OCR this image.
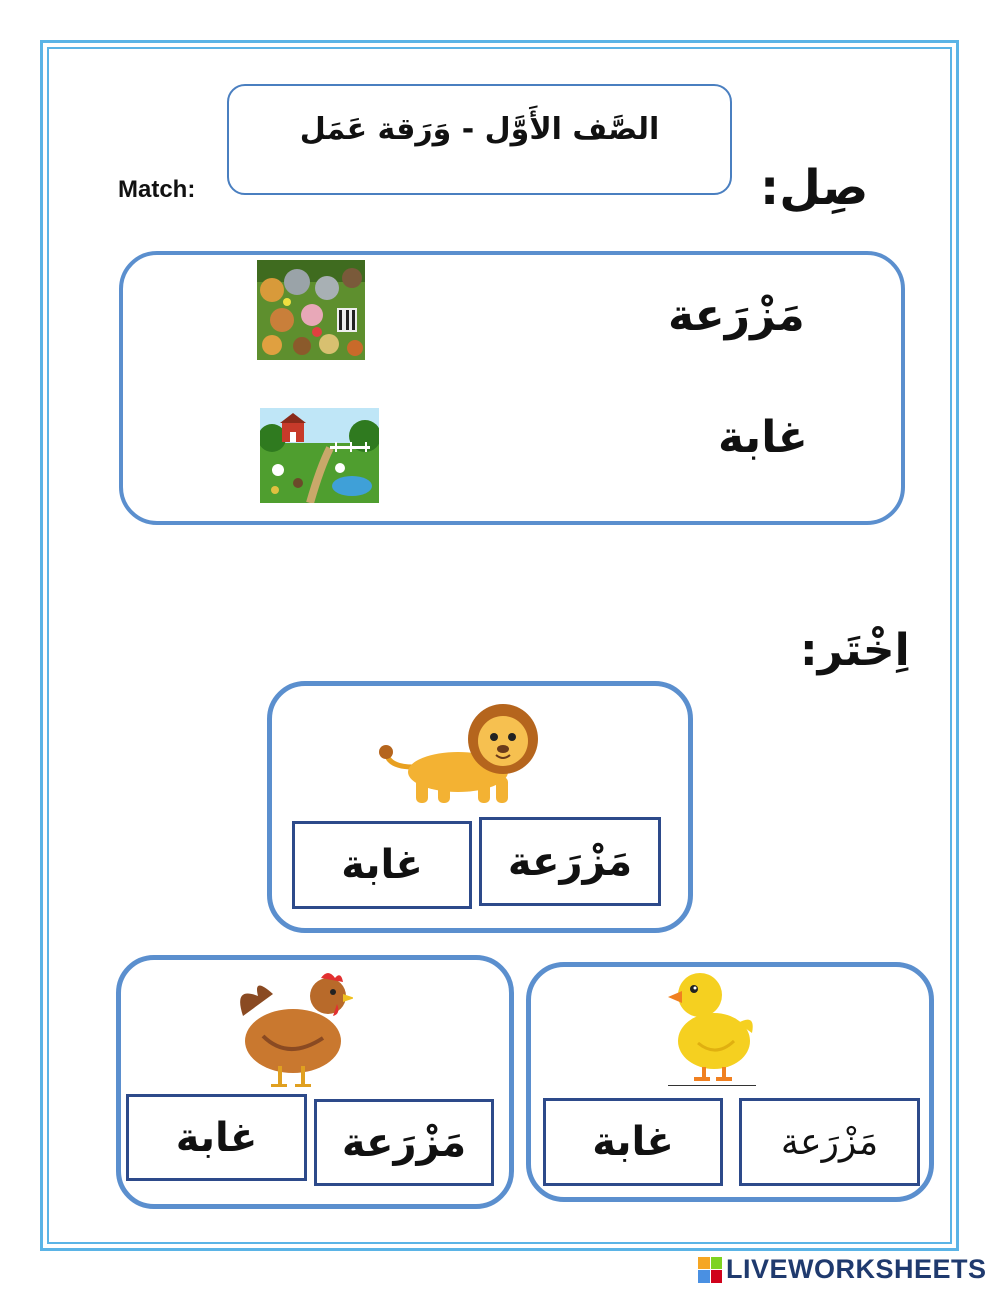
الصَّف الأَوَّل - وَرَقة عَمَل
Match:	صِل:
مَزْرَعة
غابة
اِخْتَر:
غابة	مَزْرَعة
غابة	مَزْرَعة	غابة	مَزْرَعة
LIVEWORKSHEETS
